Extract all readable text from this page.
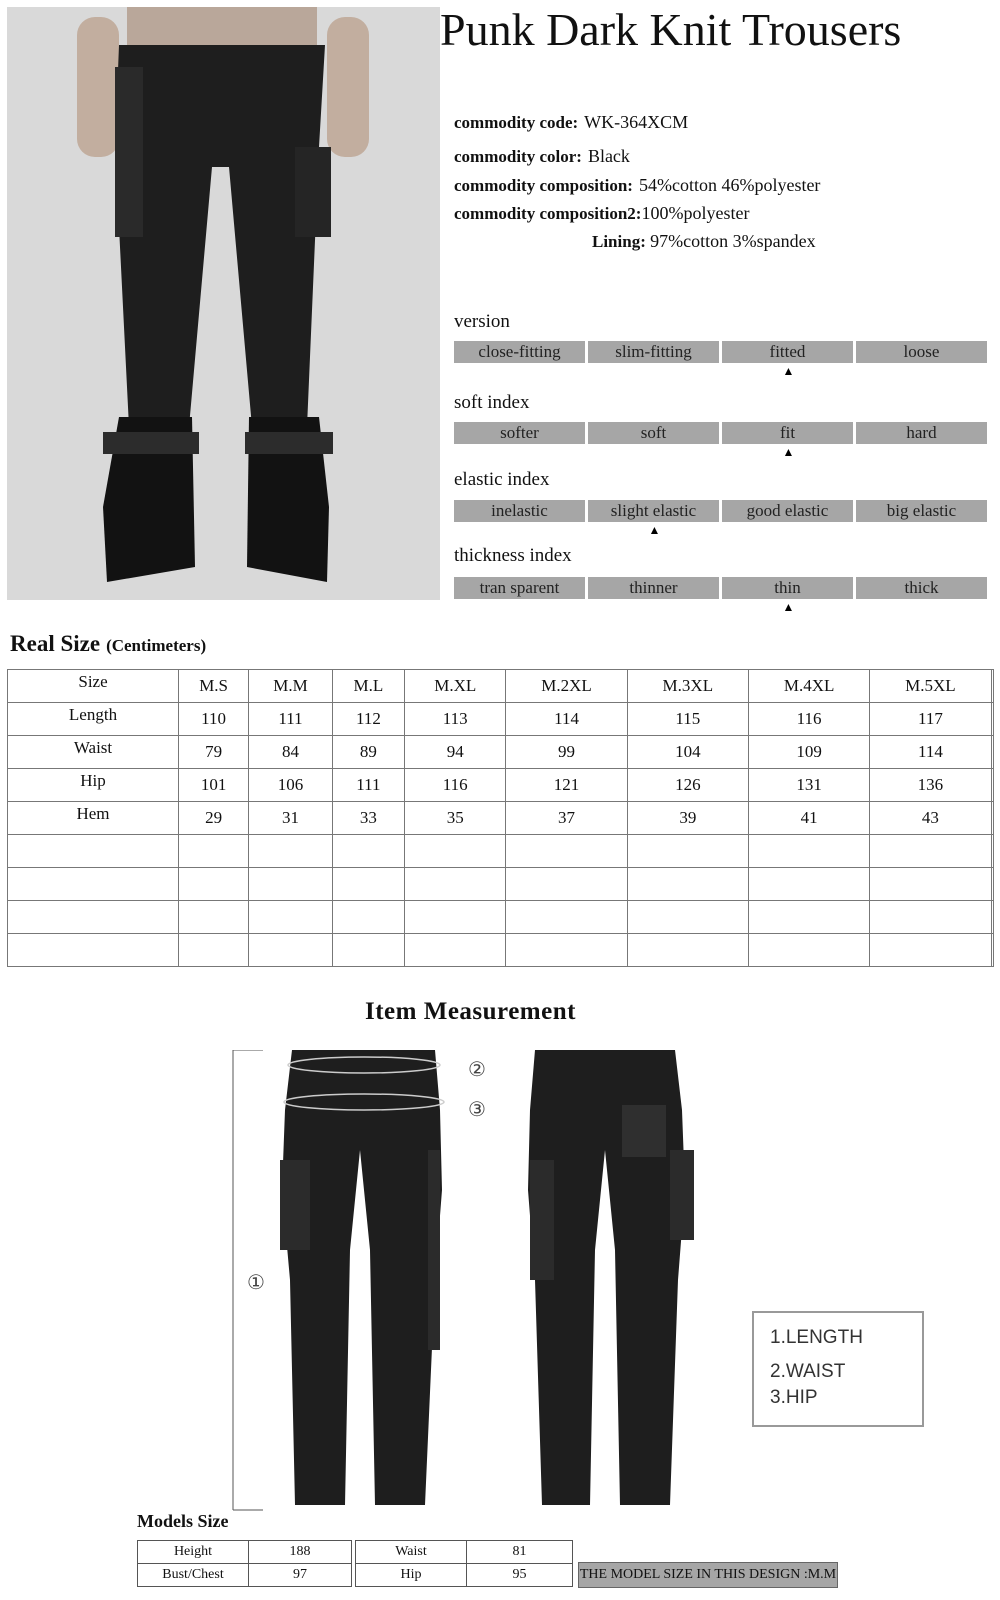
Punk Dark Knit Trousers
commodity code: WK-364XCM
commodity color: Black
commodity composition: 54%cotton 46%polyester
commodity composition2:100%polyester
Lining: 97%cotton 3%spandex
version
close-fitting	slim-fitting	fitted	loose
▲
soft index
softer	soft	fit	hard
▲
elastic index
inelastic	slight elastic	good elastic	big elastic
▲
thickness index
tran sparent	thinner	thin	thick
▲
Real Size (Centimeters)
Size	M.S	M.M	M.L	M.XL	M.2XL	M.3XL	M.4XL	M.5XL	
Length	110	111	112	113	114	115	116	117	
Waist	79	84	89	94	99	104	109	114	
Hip	101	106	111	116	121	126	131	136	
Hem	29	31	33	35	37	39	41	43	

Item Measurement
①
②
③
1.LENGTH
2.WAIST
3.HIP
Models Size
Height	188
Bust/Chest	97
Waist	81
Hip	95	THE MODEL SIZE IN THIS DESIGN :M.M
